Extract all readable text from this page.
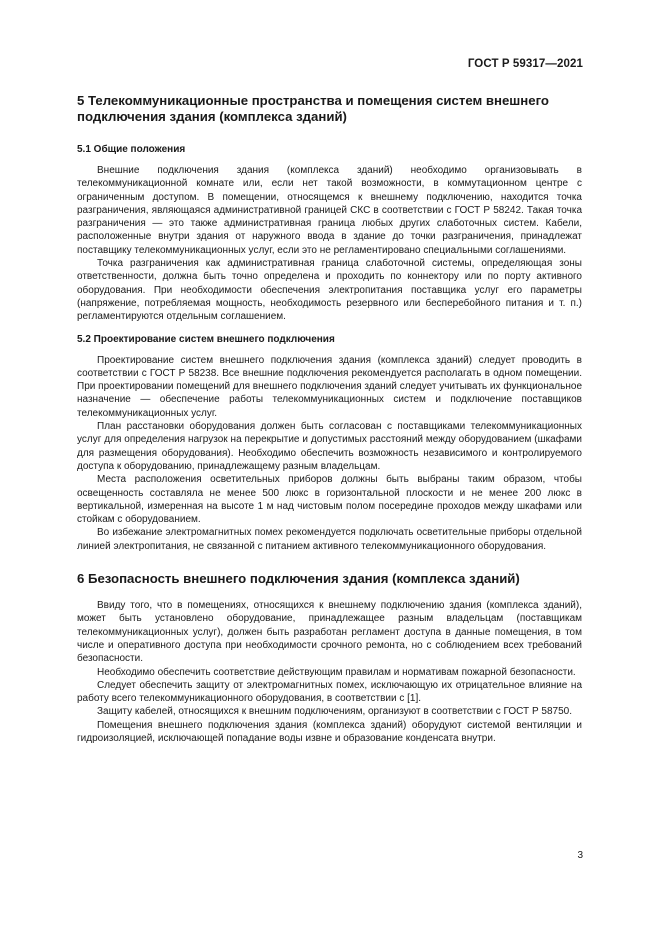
ГОСТ Р 59317—2021
5 Телекоммуникационные пространства и помещения систем внешнего подключения здания (комплекса зданий)
5.1 Общие положения

Внешние подключения здания (комплекса зданий) необходимо организовывать в телекоммуникационной комнате или, если нет такой возможности, в коммутационном центре с ограниченным доступом. В помещении, относящемся к внешнему подключению, находится точка разграничения, являющаяся административной границей СКС в соответствии с ГОСТ Р 58242. Такая точка разграничения — это также административная граница любых других слаботочных систем. Кабели, расположенные внутри здания от наружного ввода в здание до точки разграничения, принадлежат поставщику телекоммуникационных услуг, если это не регламентировано специальными соглашениями.

Точка разграничения как административная граница слаботочной системы, определяющая зоны ответственности, должна быть точно определена и проходить по коннектору или по порту активного оборудования. При необходимости обеспечения электропитания поставщика услуг его параметры (напряжение, потребляемая мощность, необходимость резервного или бесперебойного питания и т. п.) регламентируются отдельным соглашением.

5.2 Проектирование систем внешнего подключения

Проектирование систем внешнего подключения здания (комплекса зданий) следует проводить в соответствии с ГОСТ Р 58238. Все внешние подключения рекомендуется располагать в одном помещении. При проектировании помещений для внешнего подключения зданий следует учитывать их функциональное назначение — обеспечение работы телекоммуникационных систем и подключение поставщиков телекоммуникационных услуг.

План расстановки оборудования должен быть согласован с поставщиками телекоммуникационных услуг для определения нагрузок на перекрытие и допустимых расстояний между оборудованием (шкафами для размещения оборудования). Необходимо обеспечить возможность независимого и контролируемого доступа к оборудованию, принадлежащему разным владельцам.

Места расположения осветительных приборов должны быть выбраны таким образом, чтобы освещенность составляла не менее 500 люкс в горизонтальной плоскости и не менее 200 люкс в вертикальной, измеренная на высоте 1 м над чистовым полом посередине проходов между шкафами или стойкам с оборудованием.

Во избежание электромагнитных помех рекомендуется подключать осветительные приборы отдельной линией электропитания, не связанной с питанием активного телекоммуникационного оборудования.

6 Безопасность внешнего подключения здания (комплекса зданий)

Ввиду того, что в помещениях, относящихся к внешнему подключению здания (комплекса зданий), может быть установлено оборудование, принадлежащее разным владельцам (поставщикам телекоммуникационных услуг), должен быть разработан регламент доступа в данные помещения, в том числе и оперативного доступа при необходимости срочного ремонта, но с соблюдением всех требований безопасности.

Необходимо обеспечить соответствие действующим правилам и нормативам пожарной безопасности.

Следует обеспечить защиту от электромагнитных помех, исключающую их отрицательное влияние на работу всего телекоммуникационного оборудования, в соответствии с [1].

Защиту кабелей, относящихся к внешним подключениям, организуют в соответствии с ГОСТ Р 58750.

Помещения внешнего подключения здания (комплекса зданий) оборудуют системой вентиляции и гидроизоляцией, исключающей попадание воды извне и образование конденсата внутри.

3
